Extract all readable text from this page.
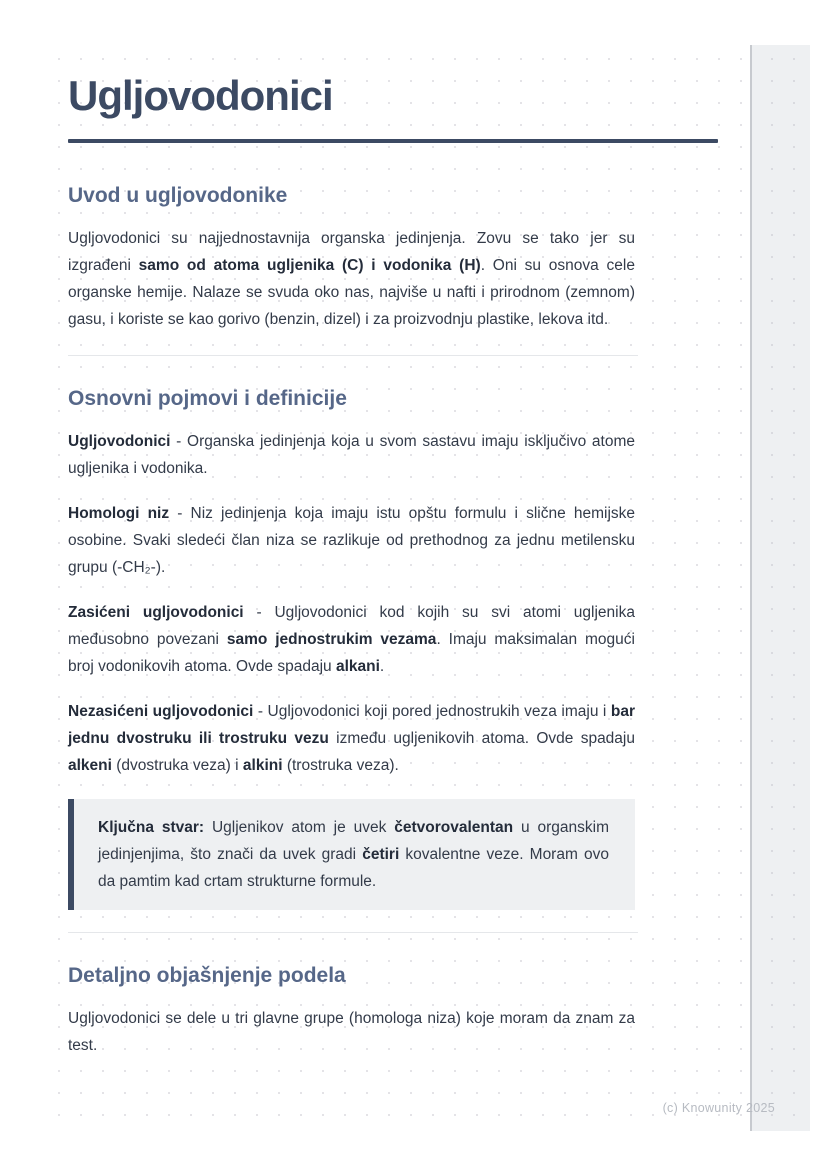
Ugljovodonici
Uvod u ugljovodonike

Ugljovodonici su najjednostavnija organska jedinjenja. Zovu se tako jer su izgrađeni samo od atoma ugljenika (C) i vodonika (H). Oni su osnova cele organske hemije. Nalaze se svuda oko nas, najviše u nafti i prirodnom (zemnom) gasu, i koriste se kao gorivo (benzin, dizel) i za proizvodnju plastike, lekova itd.

Osnovni pojmovi i definicije

Ugljovodonici - Organska jedinjenja koja u svom sastavu imaju isključivo atome ugljenika i vodonika.

Homologi niz - Niz jedinjenja koja imaju istu opštu formulu i slične hemijske osobine. Svaki sledeći član niza se razlikuje od prethodnog za jednu metilensku grupu (-CH₂-).

Zasićeni ugljovodonici - Ugljovodonici kod kojih su svi atomi ugljenika međusobno povezani samo jednostrukim vezama. Imaju maksimalan mogući broj vodonikovih atoma. Ovde spadaju alkani.

Nezasićeni ugljovodonici - Ugljovodonici koji pored jednostrukih veza imaju i bar jednu dvostruku ili trostruku vezu između ugljenikovih atoma. Ovde spadaju alkeni (dvostruka veza) i alkini (trostruka veza).

Ključna stvar: Ugljenikov atom je uvek četvorovalentan u organskim jedinjenjima, što znači da uvek gradi četiri kovalentne veze. Moram ovo da pamtim kad crtam strukturne formule.
Detaljno objašnjenje podela

Ugljovodonici se dele u tri glavne grupe (homologa niza) koje moram da znam za test.

(c) Knowunity 2025
